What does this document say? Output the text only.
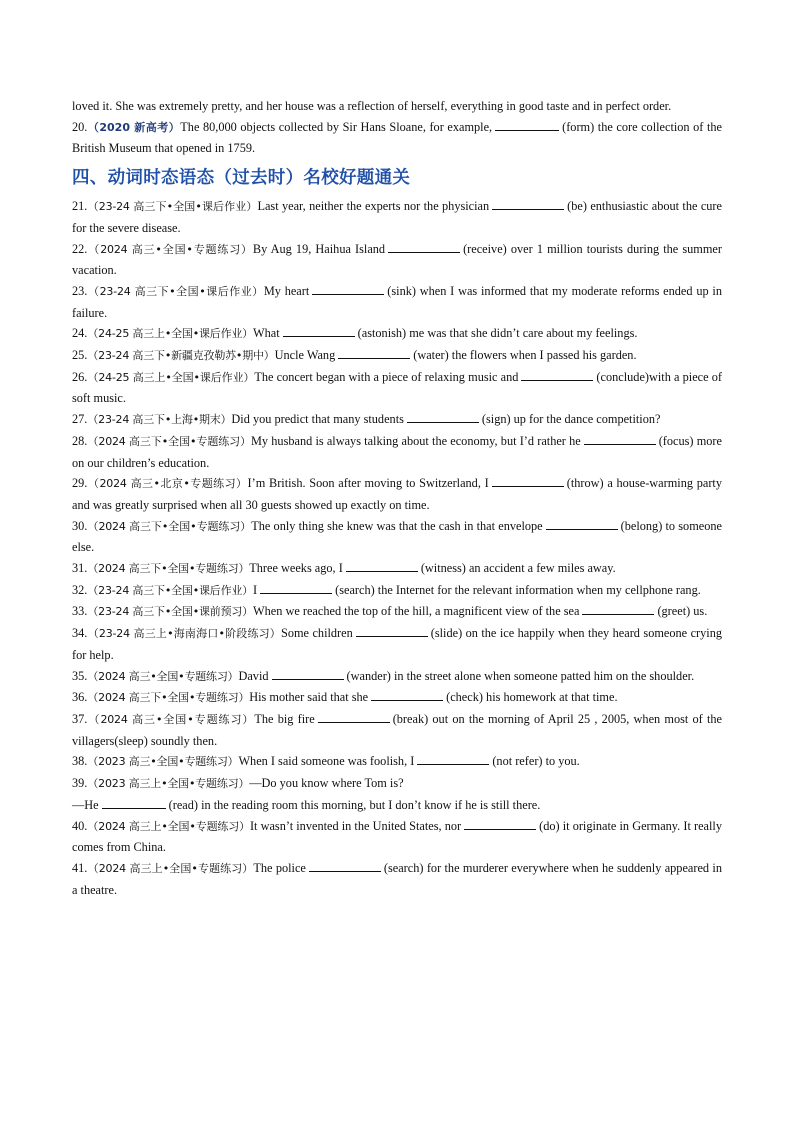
loved it. She was extremely pretty, and her house was a reflection of herself, everything in good taste and in perfect order.

20.（2020 新高考）The 80,000 objects collected by Sir Hans Sloane, for example,	(form) the core collection of the British Museum that opened in 1759.

四、动词时态语态（过去时）名校好题通关

21.（23-24 高三下•全国•课后作业）Last year, neither the experts nor the physician	(be) enthusiastic about the cure for the severe disease.

22.（2024 高三•全国•专题练习）By Aug 19, Haihua Island	(receive) over 1 million tourists during the summer vacation.

23.（23-24 高三下•全国•课后作业）My heart	(sink) when I was informed that my moderate reforms ended up in failure.

24.（24-25 高三上•全国•课后作业）What	(astonish) me was that she didn’t care about my feelings.

25.（23-24 高三下•新疆克孜勒苏•期中）Uncle Wang	(water) the flowers when I passed his garden.

26.（24-25 高三上•全国•课后作业）The concert began with a piece of relaxing music and	(conclude)with a piece of soft music.

27.（23-24 高三下•上海•期末）Did you predict that many students	(sign) up for the dance competition?

28.（2024 高三下•全国•专题练习）My husband is always talking about the economy, but I’d rather he	(focus) more on our children’s education.

29.（2024 高三•北京•专题练习）I’m British. Soon after moving to Switzerland, I	(throw) a house-warming party and was greatly surprised when all 30 guests showed up exactly on time.

30.（2024 高三下•全国•专题练习）The only thing she knew was that the cash in that envelope	(belong) to someone else.

31.（2024 高三下•全国•专题练习）Three weeks ago, I	(witness) an accident a few miles away.

32.（23-24 高三下•全国•课后作业）I	(search) the Internet for the relevant information when my cellphone rang.

33.（23-24 高三下•全国•课前预习）When we reached the top of the hill, a magnificent view of the sea	(greet) us.

34.（23-24 高三上•海南海口•阶段练习）Some children	(slide) on the ice happily when they heard someone crying for help.

35.（2024 高三•全国•专题练习）David	(wander) in the street alone when someone patted him on the shoulder.

36.（2024 高三下•全国•专题练习）His mother said that she	(check) his homework at that time.

37.（2024 高三•全国•专题练习）The big fire	(break) out on the morning of April 25 , 2005, when most of the villagers(sleep) soundly then.

38.（2023 高三•全国•专题练习）When I said someone was foolish, I	(not refer) to you.

39.（2023 高三上•全国•专题练习）—Do you know where Tom is?

—He	(read) in the reading room this morning, but I don’t know if he is still there.

40.（2024 高三上•全国•专题练习）It wasn’t invented in the United States, nor	(do) it originate in Germany. It really comes from China.

41.（2024 高三上•全国•专题练习）The police	(search) for the murderer everywhere when he suddenly appeared in a theatre.
